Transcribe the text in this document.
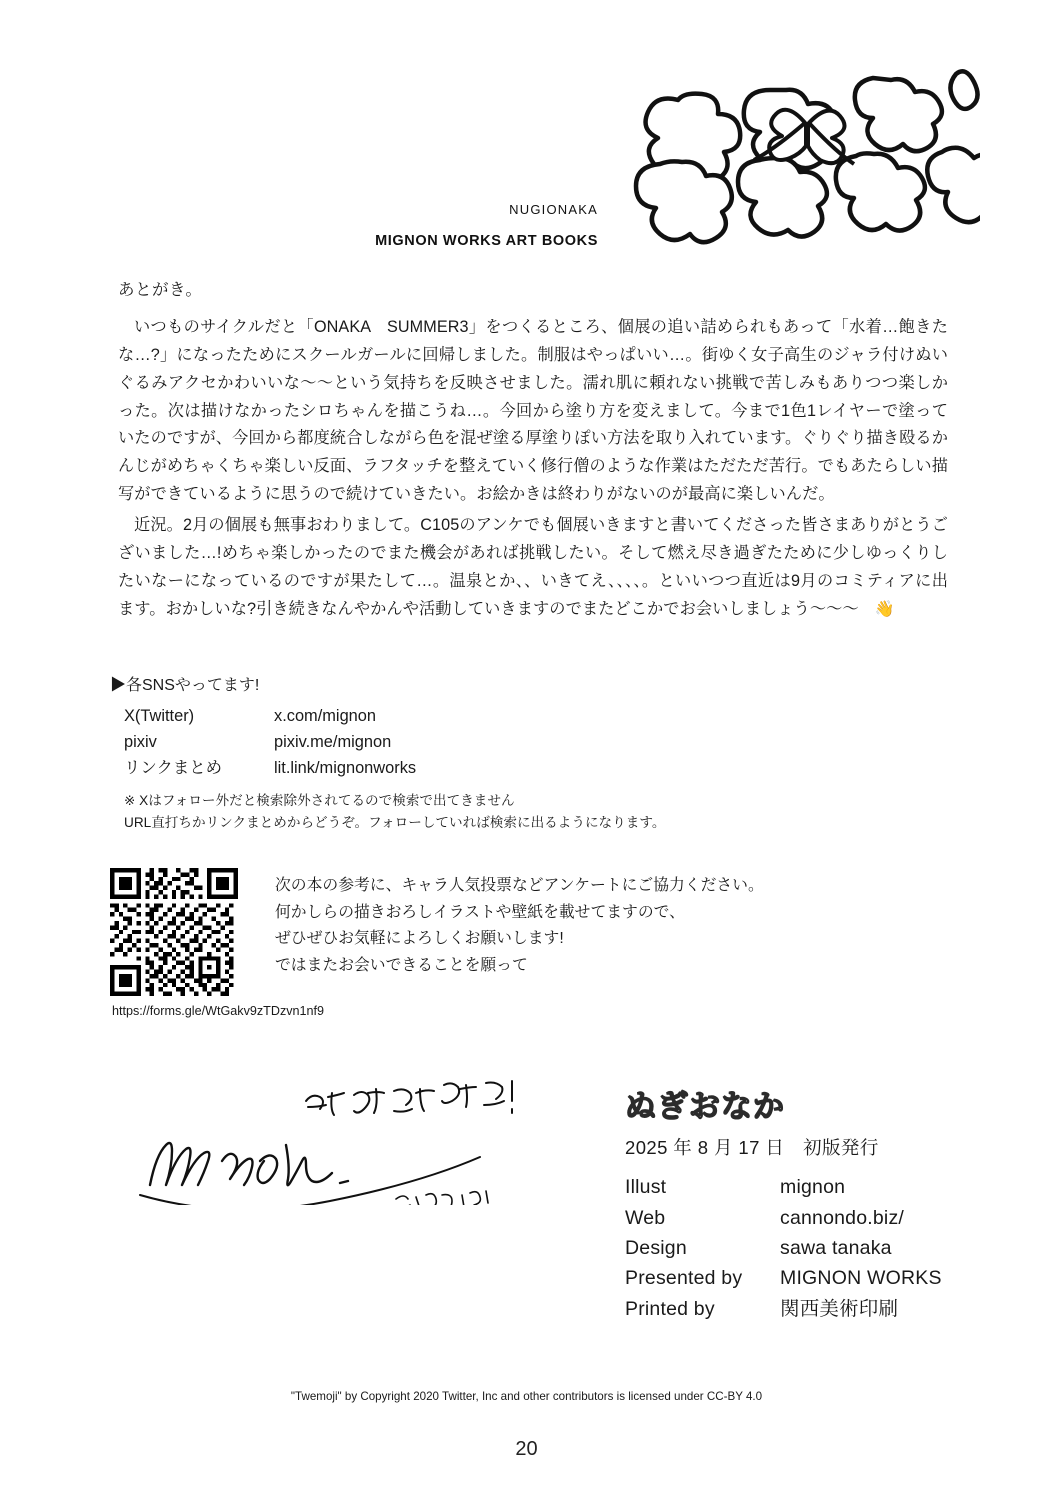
NUGIONAKA
MIGNON WORKS ART BOOKS
あとがき。

いつものサイクルだと「ONAKA　SUMMER3」をつくるところ、個展の追い詰められもあって「水着…飽きたな…?」になったためにスクールガールに回帰しました。制服はやっぱいい…。街ゆく女子高生のジャラ付けぬいぐるみアクセかわいいな〜〜という気持ちを反映させました。濡れ肌に頼れない挑戦で苦しみもありつつ楽しかった。次は描けなかったシロちゃんを描こうね…。今回から塗り方を変えまして。今まで1色1レイヤーで塗っていたのですが、今回から都度統合しながら色を混ぜ塗る厚塗りぽい方法を取り入れています。ぐりぐり描き殴るかんじがめちゃくちゃ楽しい反面、ラフタッチを整えていく修行僧のような作業はただただ苦行。でもあたらしい描写ができているように思うので続けていきたい。お絵かきは終わりがないのが最高に楽しいんだ。

近況。2月の個展も無事おわりまして。C105のアンケでも個展いきますと書いてくださった皆さまありがとうございました…!めちゃ楽しかったのでまた機会があれば挑戦したい。そして燃え尽き過ぎたために少しゆっくりしたいなーになっているのですが果たして…。温泉とか、、いきてえ、、、、。といいつつ直近は9月のコミティアに出ます。おかしいな?引き続きなんやかんや活動していきますのでまたどこかでお会いしましょう〜〜〜 👋

▶各SNSやってます!
X(Twitter)	x.com/mignon
pixiv	pixiv.me/mignon
リンクまとめ	lit.link/mignonworks
※ Xはフォロー外だと検索除外されてるので検索で出てきません
URL直打ちかリンクまとめからどうぞ。フォローしていれば検索に出るようになります。
次の本の参考に、キャラ人気投票などアンケートにご協力ください。
何かしらの描きおろしイラストや壁紙を載せてますので、
ぜひぜひお気軽によろしくお願いします!
ではまたお会いできることを願って
https://forms.gle/WtGakv9zTDzvn1nf9
ぬぎおなか
2025 年 8 月 17 日　初版発行
Illust	mignon
Web	cannondo.biz/
Design	sawa tanaka
Presented by	MIGNON WORKS
Printed by	関西美術印刷
"Twemoji" by Copyright 2020 Twitter, Inc and other contributors is licensed under CC-BY 4.0
20
